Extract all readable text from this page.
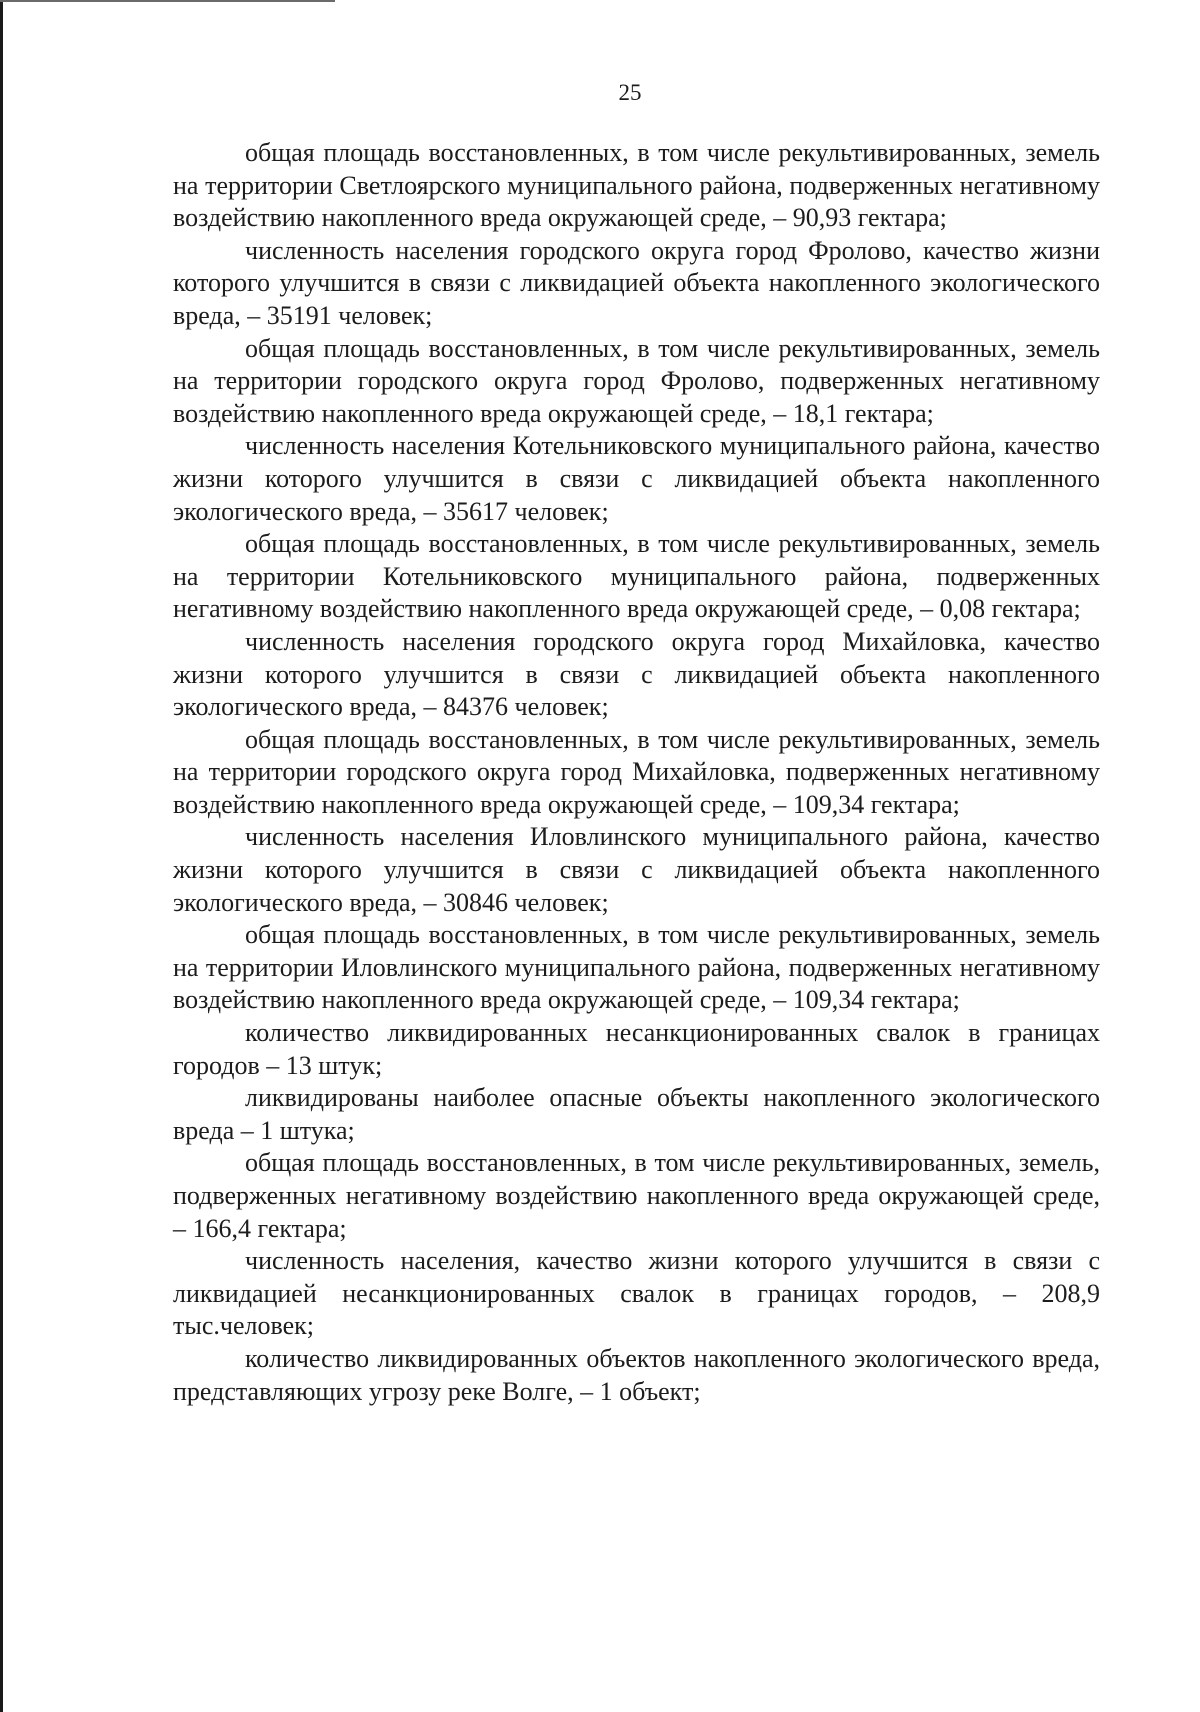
25

общая площадь восстановленных, в том числе рекультивированных, земель на территории Светлоярского муниципального района, подверженных негативному воздействию накопленного вреда окружающей среде, – 90,93 гектара;

численность населения городского округа город Фролово, качество жизни которого улучшится в связи с ликвидацией объекта накопленного экологического вреда, – 35191 человек;

общая площадь восстановленных, в том числе рекультивированных, земель на территории городского округа город Фролово, подверженных негативному воздействию накопленного вреда окружающей среде, – 18,1 гектара;

численность населения Котельниковского муниципального района, качество жизни которого улучшится в связи с ликвидацией объекта накопленного экологического вреда, – 35617 человек;

общая площадь восстановленных, в том числе рекультивированных, земель на территории Котельниковского муниципального района, подверженных негативному воздействию накопленного вреда окружающей среде, – 0,08 гектара;

численность населения городского округа город Михайловка, качество жизни которого улучшится в связи с ликвидацией объекта накопленного экологического вреда, – 84376 человек;

общая площадь восстановленных, в том числе рекультивированных, земель на территории городского округа город Михайловка, подверженных негативному воздействию накопленного вреда окружающей среде, – 109,34 гектара;

численность населения Иловлинского муниципального района, качество жизни которого улучшится в связи с ликвидацией объекта накопленного экологического вреда, – 30846 человек;

общая площадь восстановленных, в том числе рекультивированных, земель на территории Иловлинского муниципального района, подверженных негативному воздействию накопленного вреда окружающей среде, – 109,34 гектара;

количество ликвидированных несанкционированных свалок в границах городов – 13 штук;

ликвидированы наиболее опасные объекты накопленного экологического вреда – 1 штука;

общая площадь восстановленных, в том числе рекультивированных, земель, подверженных негативному воздействию накопленного вреда окружающей среде, – 166,4 гектара;

численность населения, качество жизни которого улучшится в связи с ликвидацией несанкционированных свалок в границах городов, – 208,9 тыс.человек;

количество ликвидированных объектов накопленного экологического вреда, представляющих угрозу реке Волге, – 1 объект;
